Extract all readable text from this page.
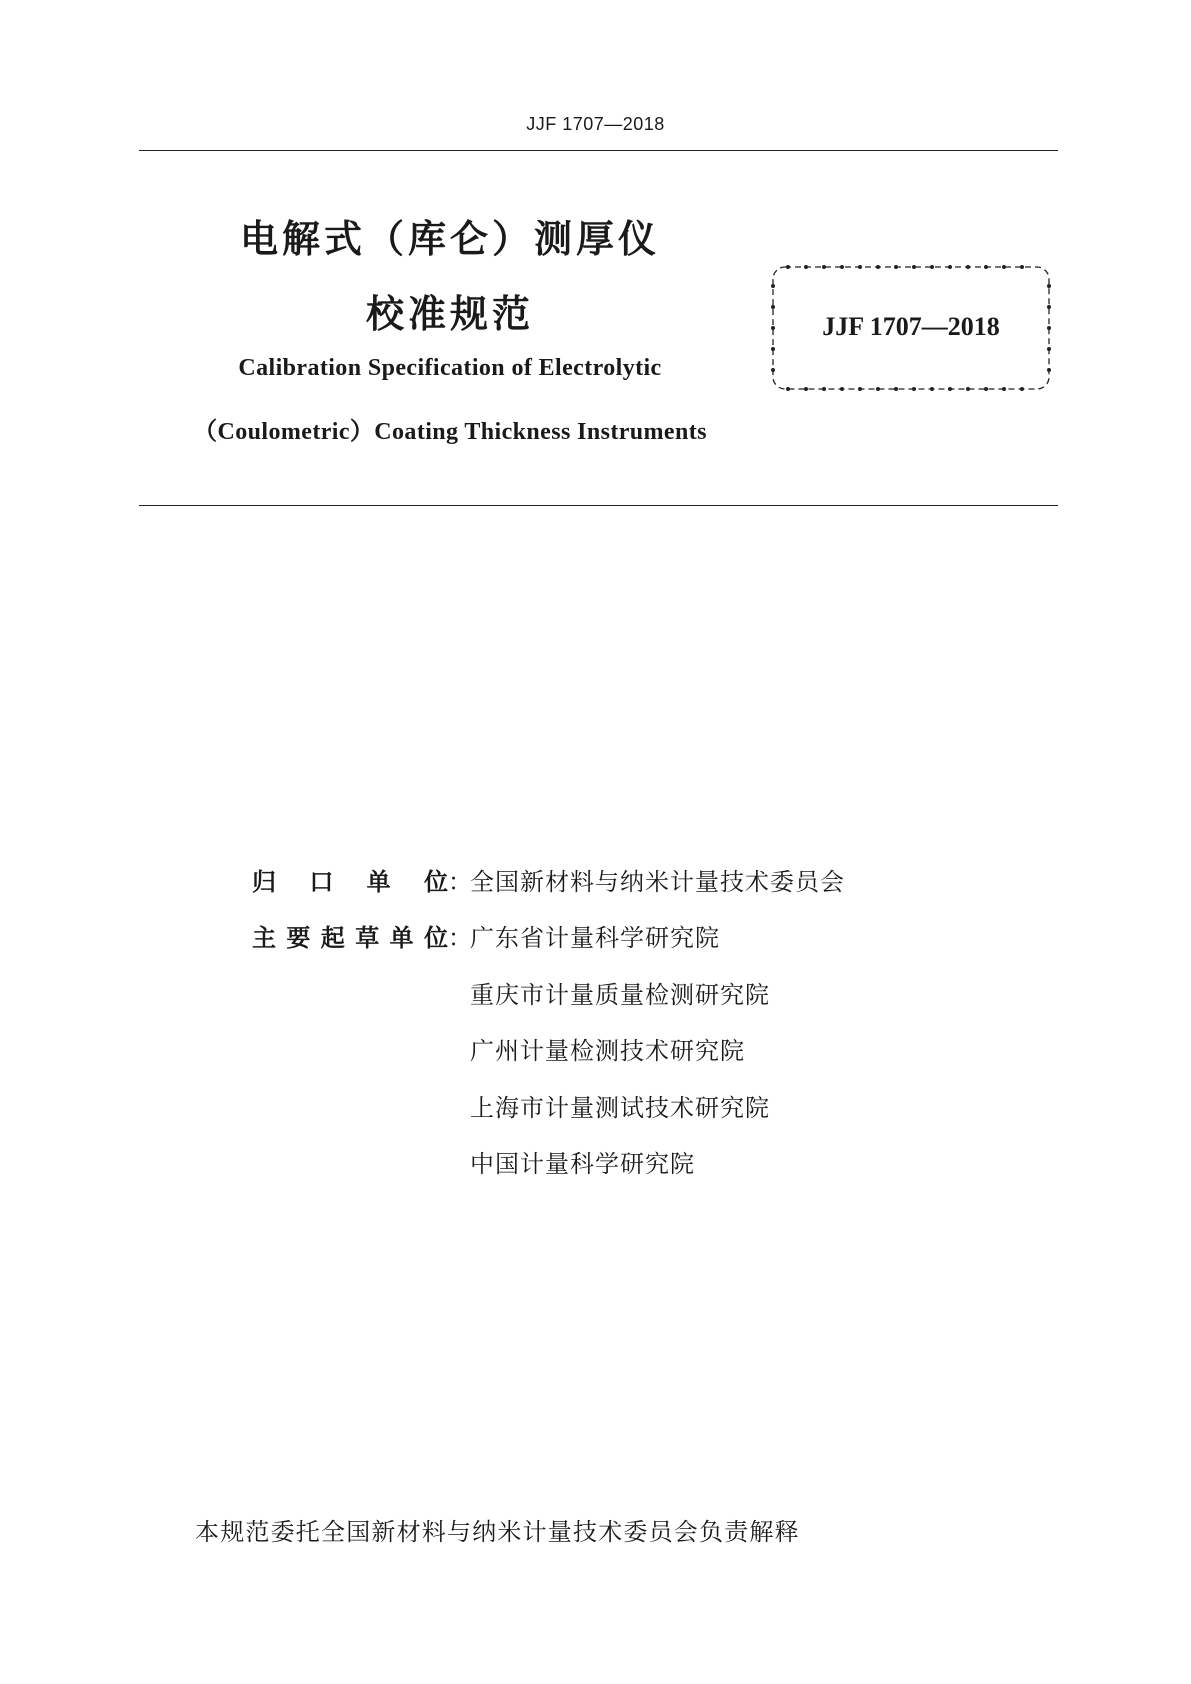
JJF 1707—2018
电解式（库仑）测厚仪
校准规范
Calibration Specification of Electrolytic
（Coulometric）Coating Thickness Instruments
JJF 1707—2018
归口单位 ：
全国新材料与纳米计量技术委员会
主要起草单位 ：
广东省计量科学研究院
重庆市计量质量检测研究院
广州计量检测技术研究院
上海市计量测试技术研究院
中国计量科学研究院
本规范委托全国新材料与纳米计量技术委员会负责解释
